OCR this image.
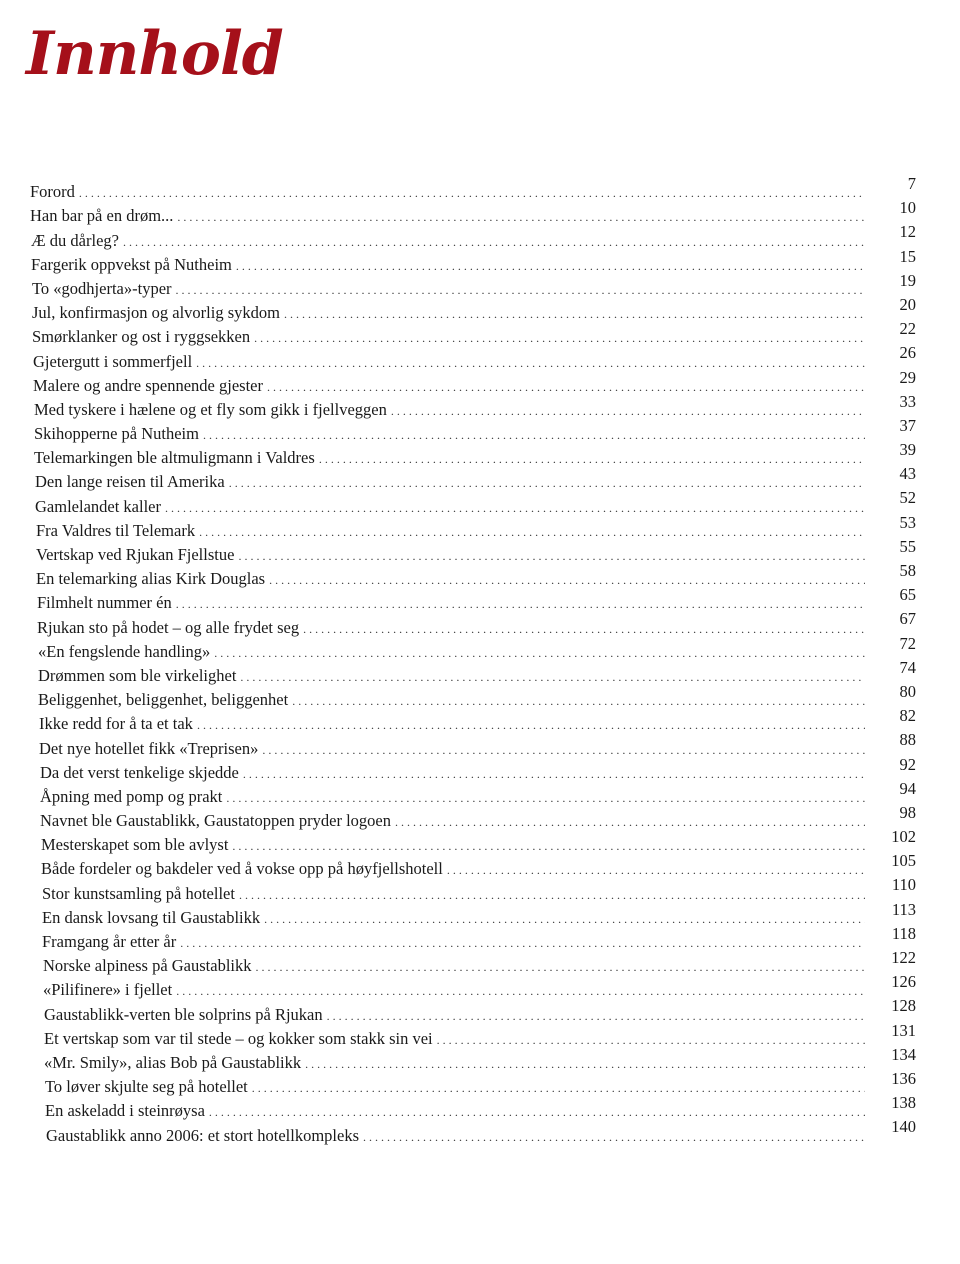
Innhold
Forord
. . .	7
Han bar på en drøm...
. . .	10
Æ du dårleg?
. . .	12
Fargerik oppvekst på Nutheim
. . .	15
To «godhjerta»-typer
. . .	19
Jul, konfirmasjon og alvorlig sykdom
. . .	20
Smørklanker og ost i ryggsekken
. . .	22
Gjetergutt i sommerfjell
. . .	26
Malere og andre spennende gjester
. . .	29
Med tyskere i hælene og et fly som gikk i fjellveggen
. . .	33
Skihopperne på Nutheim
. . .	37
Telemarkingen ble altmuligmann i Valdres
. . .	39
Den lange reisen til Amerika
. . .	43
Gamlelandet kaller
. . .	52
Fra Valdres til Telemark
. . .	53
Vertskap ved Rjukan Fjellstue
. . .	55
En telemarking alias Kirk Douglas
. . .	58
Filmhelt nummer én
. . .	65
Rjukan sto på hodet – og alle frydet seg
. . .	67
«En fengslende handling»
. . .	72
Drømmen som ble virkelighet
. . .	74
Beliggenhet, beliggenhet, beliggenhet
. . .	80
Ikke redd for å ta et tak
. . .	82
Det nye hotellet fikk «Treprisen»
. . .	88
Da det verst tenkelige skjedde
. . .	92
Åpning med pomp og prakt
. . .	94
Navnet ble Gaustablikk, Gaustatoppen pryder logoen
. . .	98
Mesterskapet som ble avlyst
. . .	102
Både fordeler og bakdeler ved å vokse opp på høyfjellshotell
. . .	105
Stor kunstsamling på hotellet
. . .	110
En dansk lovsang til Gaustablikk
. . .	113
Framgang år etter år
. . .	118
Norske alpiness på Gaustablikk
. . .	122
«Pilifinere» i fjellet
. . .	126
Gaustablikk-verten ble solprins på Rjukan
. . .	128
Et vertskap som var til stede – og kokker som stakk sin vei
. . .	131
«Mr. Smily», alias Bob på Gaustablikk
. . .	134
To løver skjulte seg på hotellet
. . .	136
En askeladd i steinrøysa
. . .	138
Gaustablikk anno 2006: et stort hotellkompleks
. . .	140
